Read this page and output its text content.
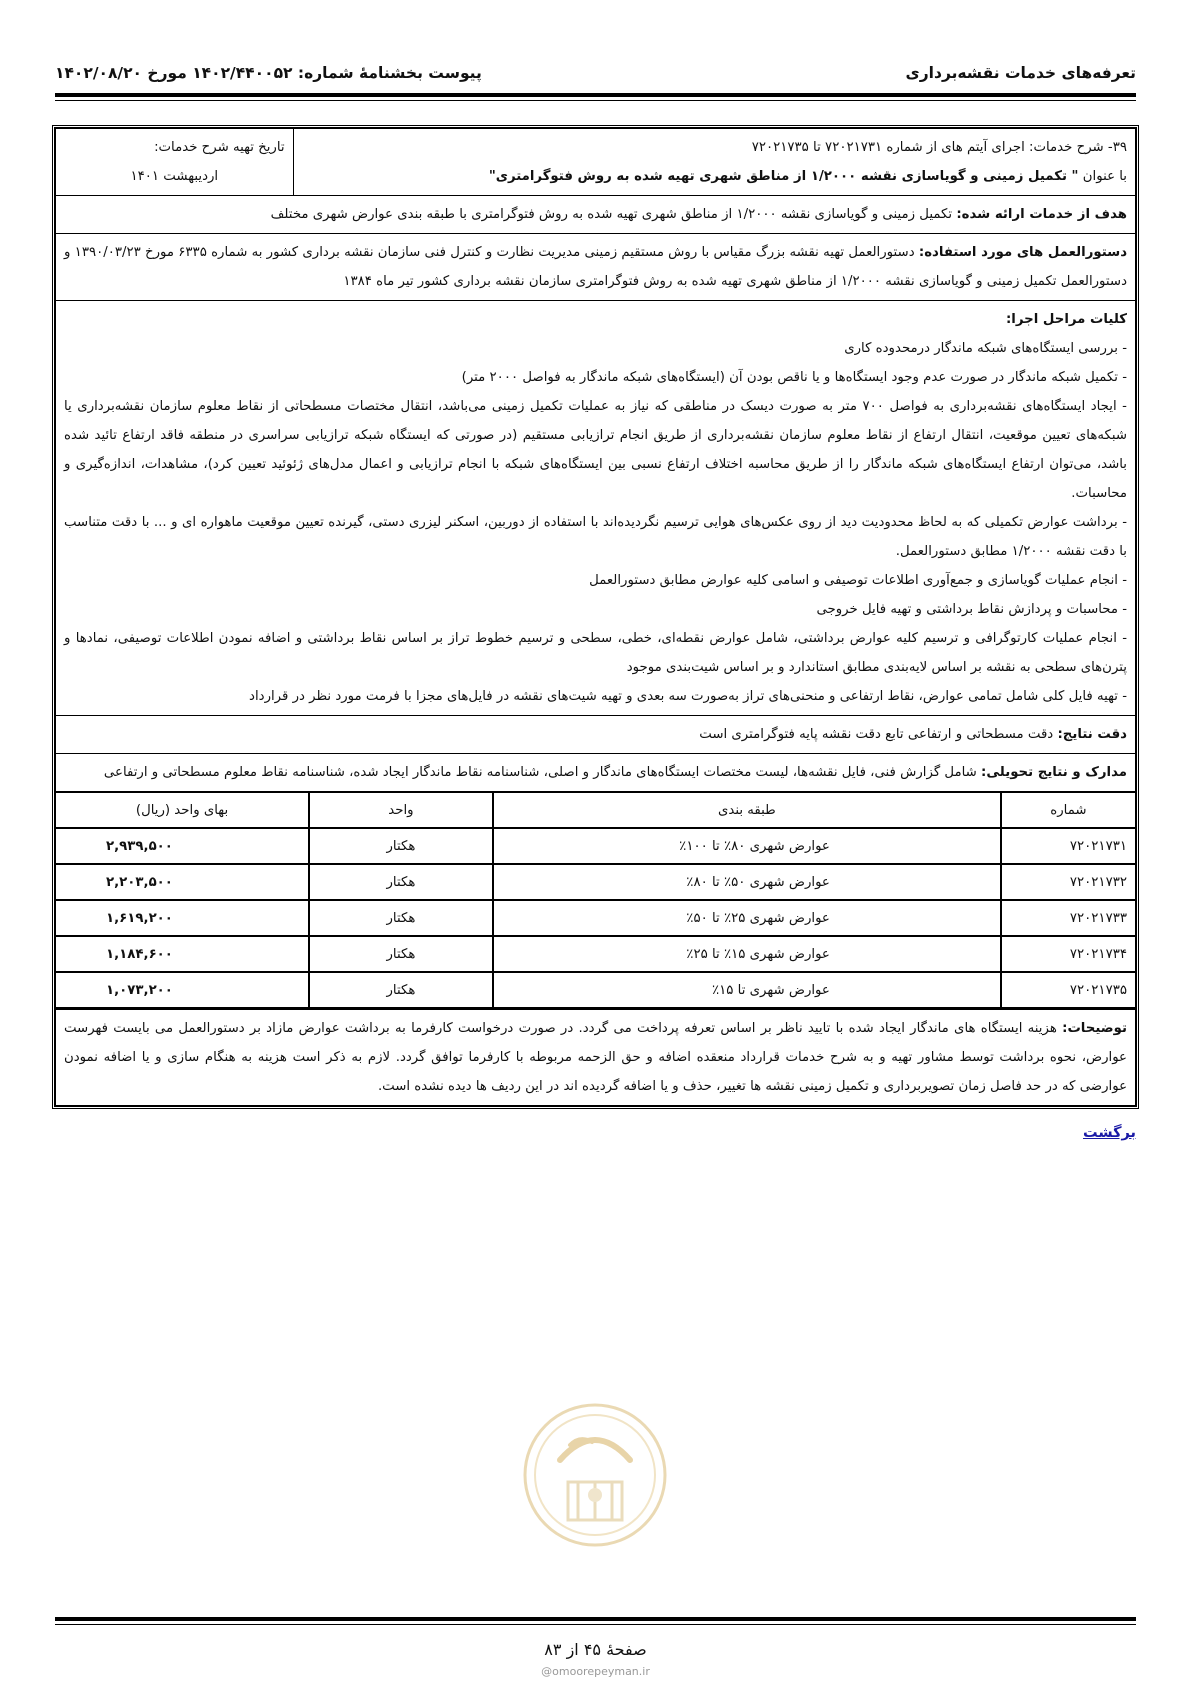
تعرفه‌های خدمات نقشه‌برداری
پیوست بخشنامۀ شماره: ۱۴۰۲/۴۴۰۰۵۲ مورخ ۱۴۰۲/۰۸/۲۰
۳۹- شرح خدمات: اجرای آیتم های از شماره ۷۲۰۲۱۷۳۱ تا ۷۲۰۲۱۷۳۵
با عنوان " تکمیل زمینی و گویاسازی نقشه ۱/۲۰۰۰ از مناطق شهری تهیه شده به روش فتوگرامتری"

تاریخ تهیه شرح خدمات:
اردیبهشت ۱۴۰۱

هدف از خدمات ارائه شده: تکمیل زمینی و گویاسازی نقشه ۱/۲۰۰۰ از مناطق شهری تهیه شده به روش فتوگرامتری با طبقه بندی عوارض شهری مختلف
دستورالعمل های مورد استفاده: دستورالعمل تهیه نقشه بزرگ مقیاس با روش مستقیم زمینی مدیریت نظارت و کنترل فنی سازمان نقشه برداری کشور به شماره ۶۳۳۵ مورخ ۱۳۹۰/۰۳/۲۳ و دستورالعمل تکمیل زمینی و گویاسازی نقشه ۱/۲۰۰۰ از مناطق شهری تهیه شده به روش فتوگرامتری سازمان نقشه برداری کشور تیر ماه ۱۳۸۴

کلیات مراحل اجرا:
- بررسی ایستگاه‌های شبکه ماندگار درمحدوده کاری
- تکمیل شبکه ماندگار در صورت عدم وجود ایستگاه‌ها و یا ناقص بودن آن (ایستگاه‌های شبکه ماندگار به فواصل ۲۰۰۰ متر)
- ایجاد ایستگاه‌های نقشه‌برداری به فواصل ۷۰۰ متر به صورت دیسک در مناطقی که نیاز به عملیات تکمیل زمینی می‌باشد، انتقال مختصات مسطحاتی از نقاط معلوم سازمان نقشه‌برداری یا شبکه‌های تعیین موقعیت، انتقال ارتفاع از نقاط معلوم سازمان نقشه‌برداری از طریق انجام ترازیابی مستقیم (در صورتی که ایستگاه شبکه ترازیابی سراسری در منطقه فاقد ارتفاع تائید شده باشد، می‌توان ارتفاع ایستگاه‌های شبکه ماندگار را از طریق محاسبه اختلاف ارتفاع نسبی بین ایستگاه‌های شبکه با انجام ترازیابی و اعمال مدل‌های ژئوئید تعیین کرد)، مشاهدات، اندازه‌گیری و محاسبات.
- برداشت عوارض تکمیلی که به لحاظ محدودیت دید از روی عکس‌های هوایی ترسیم نگردیده‌اند با استفاده از دوربین، اسکنر لیزری دستی، گیرنده تعیین موقعیت ماهواره ای و ... با دقت متناسب با دقت نقشه ۱/۲۰۰۰ مطابق دستورالعمل.
- انجام عملیات گویاسازی و جمع‌آوری اطلاعات توصیفی و اسامی کلیه عوارض مطابق دستورالعمل
- محاسبات و پردازش نقاط برداشتی و تهیه فایل خروجی
- انجام عملیات کارتوگرافی و ترسیم کلیه عوارض برداشتی، شامل عوارض نقطه‌ای، خطی، سطحی و ترسیم خطوط تراز بر اساس نقاط برداشتی و اضافه نمودن اطلاعات توصیفی، نمادها و پترن‌های سطحی به نقشه بر اساس لایه‌بندی مطابق استاندارد و بر اساس شیت‌بندی موجود
- تهیه فایل کلی شامل تمامی عوارض، نقاط ارتفاعی و منحنی‌های تراز به‌صورت سه بعدی و تهیه شیت‌های نقشه در فایل‌های مجزا با فرمت مورد نظر در قرارداد

دقت نتایج: دقت مسطحاتی و ارتفاعی تابع دقت نقشه پایه فتوگرامتری است
مدارک و نتایج تحویلی: شامل گزارش فنی، فایل نقشه‌ها، لیست مختصات ایستگاه‌های ماندگار و اصلی، شناسنامه نقاط ماندگار ایجاد شده، شناسنامه نقاط معلوم مسطحاتی و ارتفاعی
شماره	طبقه بندی	واحد	بهای واحد (ریال)
۷۲۰۲۱۷۳۱	عوارض شهری ۸۰٪ تا ۱۰۰٪	هکتار	۲,۹۳۹,۵۰۰
۷۲۰۲۱۷۳۲	عوارض شهری ۵۰٪ تا ۸۰٪	هکتار	۲,۲۰۳,۵۰۰
۷۲۰۲۱۷۳۳	عوارض شهری ۲۵٪ تا ۵۰٪	هکتار	۱,۶۱۹,۲۰۰
۷۲۰۲۱۷۳۴	عوارض شهری ۱۵٪ تا ۲۵٪	هکتار	۱,۱۸۴,۶۰۰
۷۲۰۲۱۷۳۵	عوارض شهری تا ۱۵٪	هکتار	۱,۰۷۳,۲۰۰
توضیحات: هزینه ایستگاه های ماندگار ایجاد شده با تایید ناظر بر اساس تعرفه پرداخت می گردد. در صورت درخواست کارفرما به برداشت عوارض مازاد بر دستورالعمل می بایست فهرست عوارض، نحوه برداشت توسط مشاور تهیه و به شرح خدمات قرارداد منعقده اضافه و حق الزحمه مربوطه با کارفرما توافق گردد. لازم به ذکر است هزینه به هنگام سازی و یا اضافه نمودن عوارضی که در حد فاصل زمان تصویربرداری و تکمیل زمینی نقشه ها تغییر، حذف و یا اضافه گردیده اند در این ردیف ها دیده نشده است.
برگشت
صفحۀ ۴۵ از ۸۳
@omoorepeyman.ir
